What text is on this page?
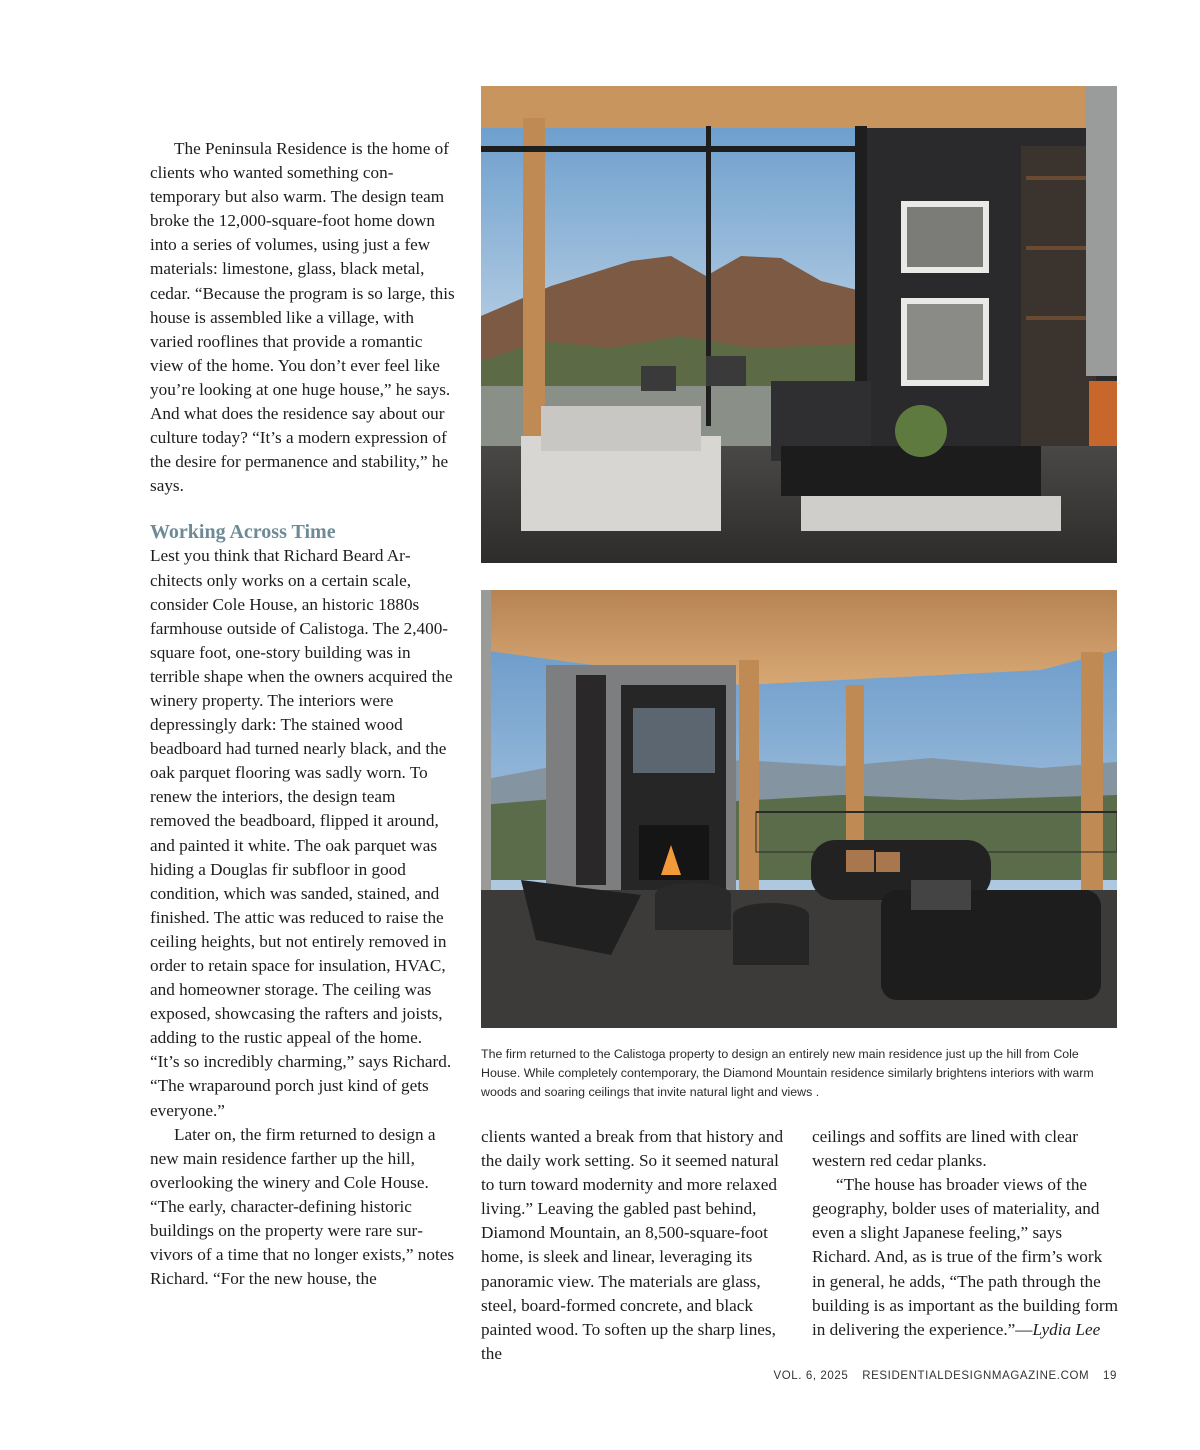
The Peninsula Residence is the home of clients who wanted something contemporary but also warm. The design team broke the 12,000-square-foot home down into a series of volumes, using just a few materials: limestone, glass, black metal, cedar. “Because the program is so large, this house is assembled like a village, with varied rooflines that provide a romantic view of the home. You don’t ever feel like you’re looking at one huge house,” he says. And what does the residence say about our culture today? “It’s a modern expression of the desire for permanence and stability,” he says.

Working Across Time

Lest you think that Richard Beard Architects only works on a certain scale, consider Cole House, an historic 1880s farmhouse outside of Calistoga. The 2,400-square foot, one-story building was in terrible shape when the owners acquired the winery property. The interiors were depressingly dark: The stained wood beadboard had turned nearly black, and the oak parquet flooring was sadly worn. To renew the interiors, the design team removed the beadboard, flipped it around, and painted it white. The oak parquet was hiding a Douglas fir subfloor in good condition, which was sanded, stained, and finished. The attic was reduced to raise the ceiling heights, but not entirely removed in order to retain space for insulation, HVAC, and homeowner storage. The ceiling was exposed, showcasing the rafters and joists, adding to the rustic appeal of the home. “It’s so incredibly charming,” says Richard. “The wraparound porch just kind of gets everyone.”

Later on, the firm returned to design a new main residence farther up the hill, overlooking the winery and Cole House. “The early, character-defining historic buildings on the property were rare survivors of a time that no longer exists,” notes Richard. “For the new house, the

The firm returned to the Calistoga property to design an entirely new main residence just up the hill from Cole House. While completely contemporary, the Diamond Mountain residence similarly brightens interiors with warm woods and soaring ceilings that invite natural light and views .

clients wanted a break from that history and the daily work setting. So it seemed natural to turn toward modernity and more relaxed living.” Leaving the gabled past behind, Diamond Mountain, an 8,500-square-foot home, is sleek and linear, leveraging its panoramic view. The materials are glass, steel, board-formed concrete, and black painted wood. To soften up the sharp lines, the

ceilings and soffits are lined with clear western red cedar planks.

“The house has broader views of the geography, bolder uses of materiality, and even a slight Japanese feeling,” says Richard. And, as is true of the firm’s work in general, he adds, “The path through the building is as important as the building form in delivering the experience.”—Lydia Lee

VOL. 6, 2025 RESIDENTIALDESIGNMAGAZINE.COM 19
